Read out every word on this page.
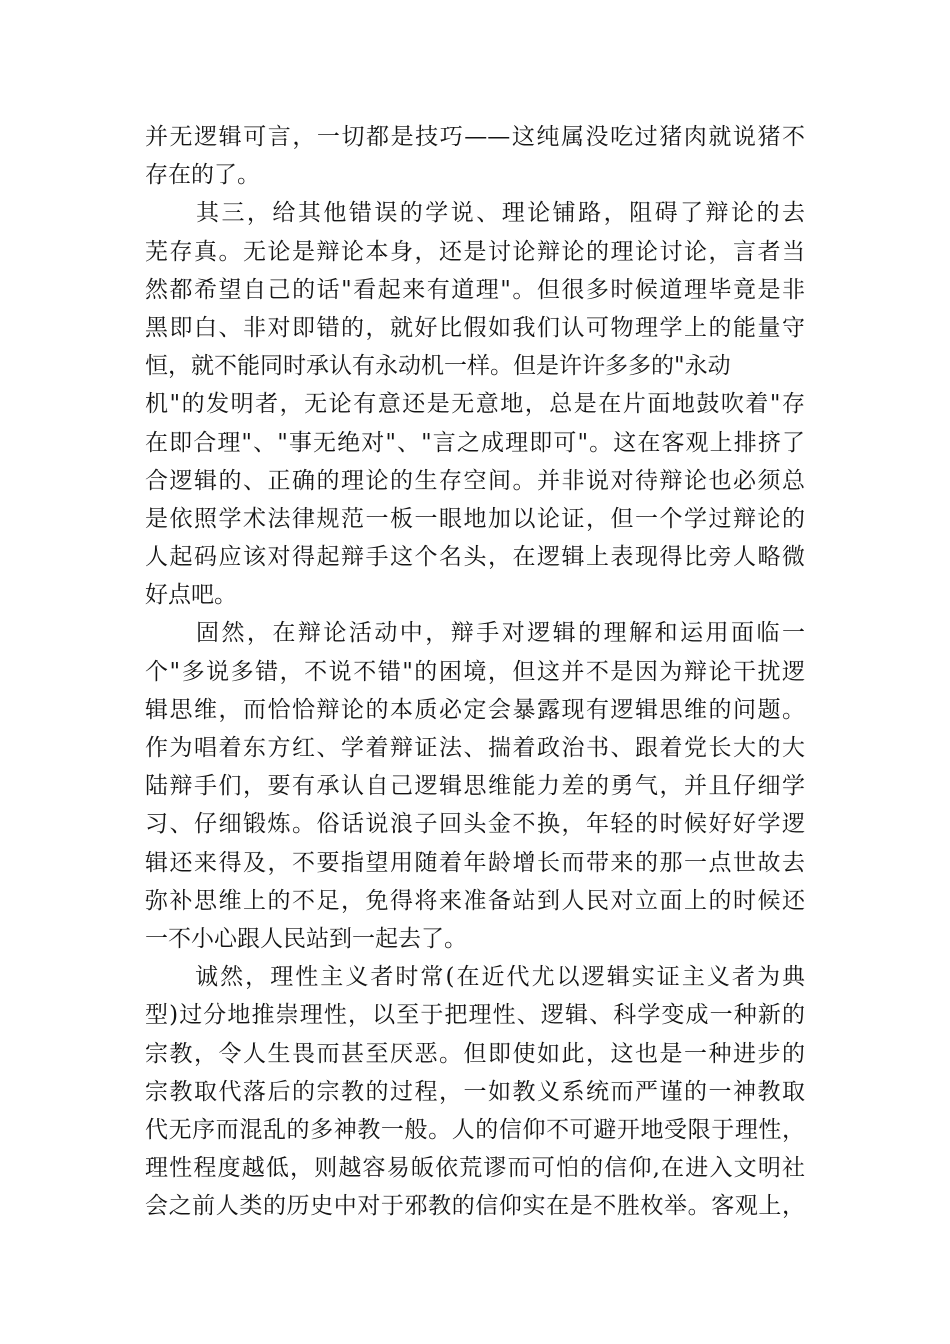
并无逻辑可言，一切都是技巧——这纯属没吃过猪肉就说猪不
存在的了。
　　其三，给其他错误的学说、理论铺路，阻碍了辩论的去
芜存真。无论是辩论本身，还是讨论辩论的理论讨论，言者当
然都希望自己的话"看起来有道理"。但很多时候道理毕竟是非
黑即白、非对即错的，就好比假如我们认可物理学上的能量守
恒，就不能同时承认有永动机一样。但是许许多多的"永动
机"的发明者，无论有意还是无意地，总是在片面地鼓吹着"存
在即合理"、"事无绝对"、"言之成理即可"。这在客观上排挤了
合逻辑的、正确的理论的生存空间。并非说对待辩论也必须总
是依照学术法律规范一板一眼地加以论证，但一个学过辩论的
人起码应该对得起辩手这个名头，在逻辑上表现得比旁人略微
好点吧。
　　固然，在辩论活动中，辩手对逻辑的理解和运用面临一
个"多说多错，不说不错"的困境，但这并不是因为辩论干扰逻
辑思维，而恰恰辩论的本质必定会暴露现有逻辑思维的问题。
作为唱着东方红、学着辩证法、揣着政治书、跟着党长大的大
陆辩手们，要有承认自己逻辑思维能力差的勇气，并且仔细学
习、仔细锻炼。俗话说浪子回头金不换，年轻的时候好好学逻
辑还来得及，不要指望用随着年龄增长而带来的那一点世故去
弥补思维上的不足，免得将来准备站到人民对立面上的时候还
一不小心跟人民站到一起去了。
　　诚然，理性主义者时常(在近代尤以逻辑实证主义者为典
型)过分地推崇理性，以至于把理性、逻辑、科学变成一种新的
宗教，令人生畏而甚至厌恶。但即使如此，这也是一种进步的
宗教取代落后的宗教的过程，一如教义系统而严谨的一神教取
代无序而混乱的多神教一般。人的信仰不可避开地受限于理性，
理性程度越低，则越容易皈依荒谬而可怕的信仰,在进入文明社
会之前人类的历史中对于邪教的信仰实在是不胜枚举。客观上，
